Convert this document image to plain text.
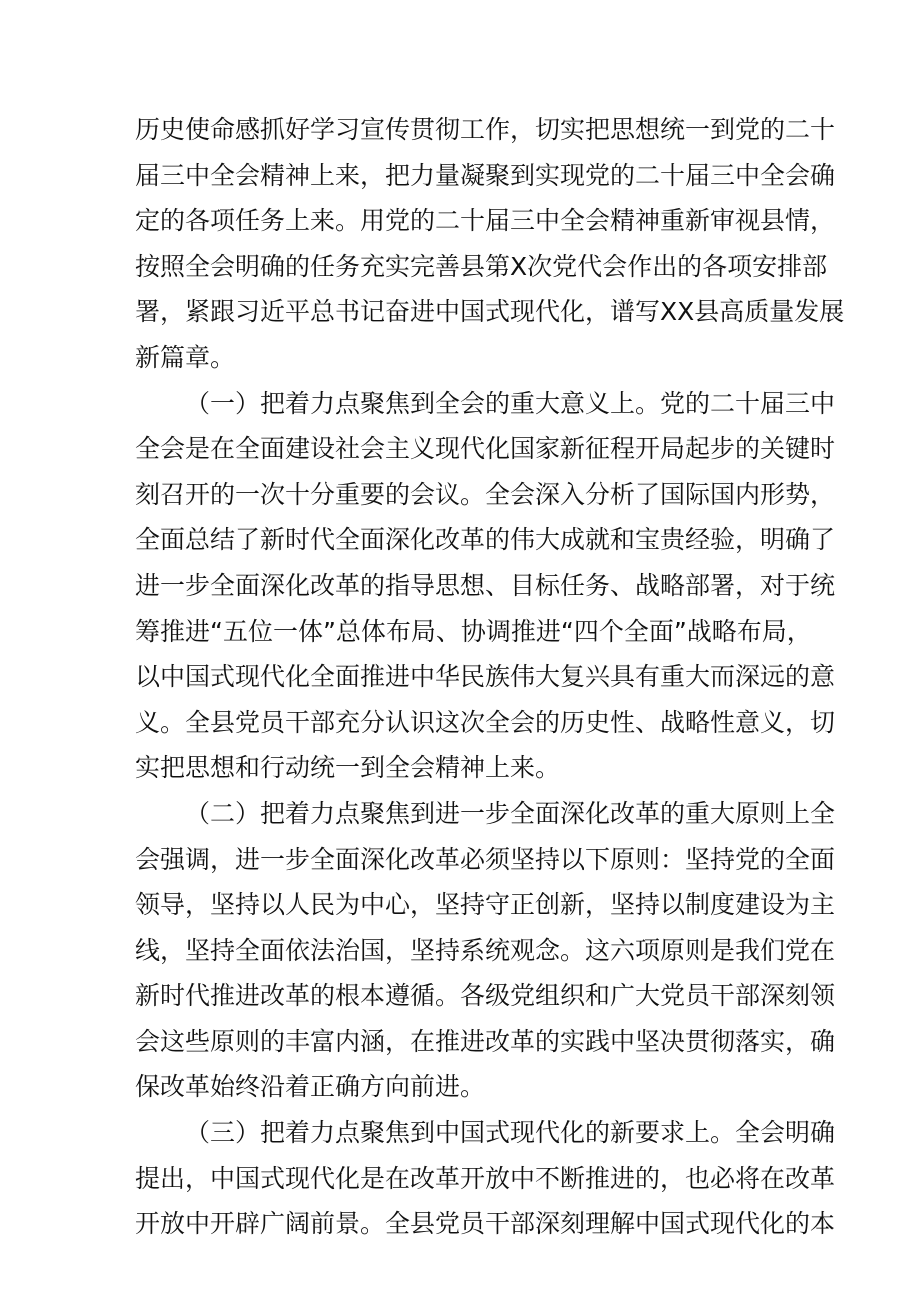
历史使命感抓好学习宣传贯彻工作，切实把思想统一到党的二十
届三中全会精神上来，把力量凝聚到实现党的二十届三中全会确
定的各项任务上来。用党的二十届三中全会精神重新审视县情，
按照全会明确的任务充实完善县第X次党代会作出的各项安排部
署，紧跟习近平总书记奋进中国式现代化，谱写XX县高质量发展
新篇章。
（一）把着力点聚焦到全会的重大意义上。党的二十届三中
全会是在全面建设社会主义现代化国家新征程开局起步的关键时
刻召开的一次十分重要的会议。全会深入分析了国际国内形势，
全面总结了新时代全面深化改革的伟大成就和宝贵经验，明确了
进一步全面深化改革的指导思想、目标任务、战略部署，对于统
筹推进“五位一体”总体布局、协调推进“四个全面”战略布局，
以中国式现代化全面推进中华民族伟大复兴具有重大而深远的意
义。全县党员干部充分认识这次全会的历史性、战略性意义，切
实把思想和行动统一到全会精神上来。
（二）把着力点聚焦到进一步全面深化改革的重大原则上全
会强调，进一步全面深化改革必须坚持以下原则：坚持党的全面
领导，坚持以人民为中心，坚持守正创新，坚持以制度建设为主
线，坚持全面依法治国，坚持系统观念。这六项原则是我们党在
新时代推进改革的根本遵循。各级党组织和广大党员干部深刻领
会这些原则的丰富内涵，在推进改革的实践中坚决贯彻落实，确
保改革始终沿着正确方向前进。
（三）把着力点聚焦到中国式现代化的新要求上。全会明确
提出，中国式现代化是在改革开放中不断推进的，也必将在改革
开放中开辟广阔前景。全县党员干部深刻理解中国式现代化的本
